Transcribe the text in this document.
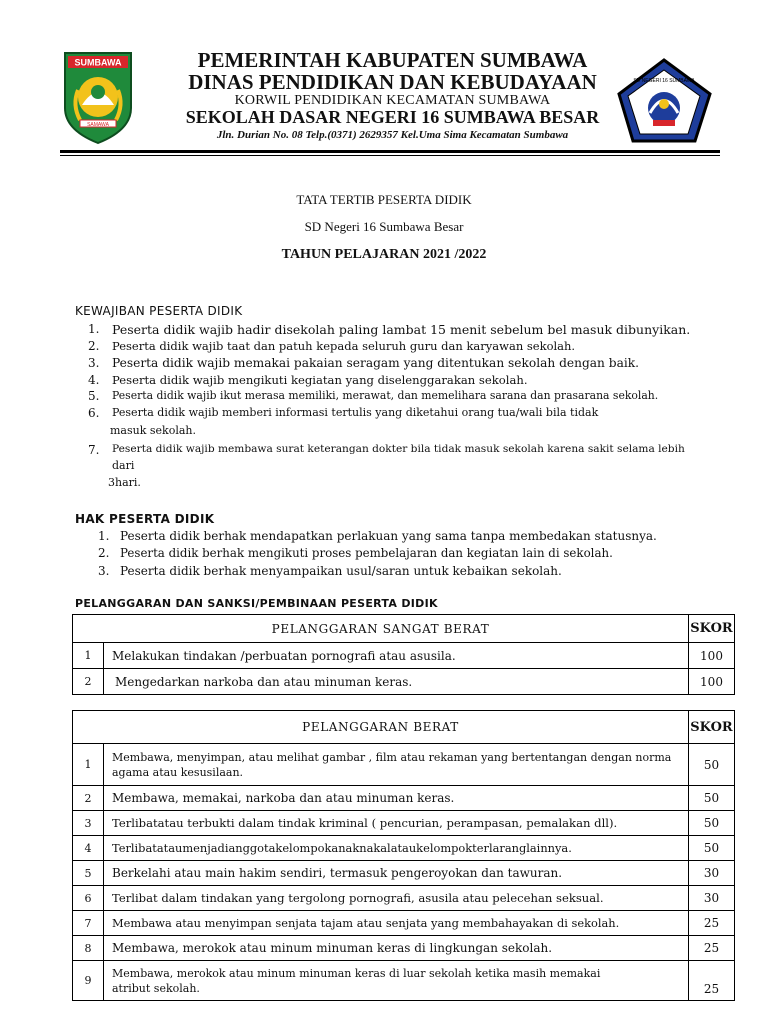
SUMBAWA
SAMAWA
SD NEGERI 16 SUMBAWA
PEMERINTAH KABUPATEN SUMBAWA
DINAS PENDIDIKAN DAN KEBUDAYAAN
KORWIL PENDIDIKAN KECAMATAN SUMBAWA
SEKOLAH DASAR NEGERI 16 SUMBAWA BESAR
Jln. Durian No. 08 Telp.(0371) 2629357 Kel.Uma Sima Kecamatan Sumbawa
TATA TERTIB PESERTA DIDIK
SD Negeri 16 Sumbawa Besar
TAHUN PELAJARAN 2021 /2022
KEWAJIBAN PESERTA DIDIK
1. Peserta didik wajib hadir disekolah paling lambat 15 menit sebelum bel masuk dibunyikan.
2. Peserta didik wajib taat dan patuh kepada seluruh guru dan karyawan sekolah.
3. Peserta didik wajib memakai pakaian seragam yang ditentukan sekolah dengan baik.
4. Peserta didik wajib mengikuti kegiatan yang diselenggarakan sekolah.
5. Peserta didik wajib ikut merasa memiliki, merawat, dan memelihara sarana dan prasarana sekolah.
6. Peserta didik wajib memberi informasi tertulis yang diketahui orang tua/wali bila tidak
masuk sekolah.
7. Peserta didik wajib membawa surat keterangan dokter bila tidak masuk sekolah karena sakit selama lebih
dari
3hari.
HAK PESERTA DIDIK
1. Peserta didik berhak mendapatkan perlakuan yang sama tanpa membedakan statusnya.
2. Peserta didik berhak mengikuti proses pembelajaran dan kegiatan lain di sekolah.
3. Peserta didik berhak menyampaikan usul/saran untuk kebaikan sekolah.
PELANGGARAN DAN SANKSI/PEMBINAAN PESERTA DIDIK
PELANGGARAN SANGAT BERAT		SKOR
1	Melakukan tindakan /perbuatan pornografi atau asusila.	100
2	Mengedarkan narkoba dan atau minuman keras.	100
PELANGGARAN BERAT		SKOR
1	Membawa, menyimpan, atau melihat gambar , film atau rekaman yang bertentangan dengan norma
agama atau kesusilaan.	50
2	Membawa, memakai, narkoba dan atau minuman keras.	50
3	Terlibatatau terbukti dalam tindak kriminal ( pencurian, perampasan, pemalakan dll).	50
4	Terlibatataumenjadianggotakelompokanaknakalataukelompokterlaranglainnya.	50
5	Berkelahi atau main hakim sendiri, termasuk pengeroyokan dan tawuran.	30
6	Terlibat dalam tindakan yang tergolong pornografi, asusila atau pelecehan seksual.	30
7	Membawa atau menyimpan senjata tajam atau senjata yang membahayakan di sekolah.	25
8	Membawa, merokok atau minum minuman keras di lingkungan sekolah.	25
9	Membawa, merokok atau minum minuman keras di luar sekolah ketika masih memakai
atribut sekolah.	25
